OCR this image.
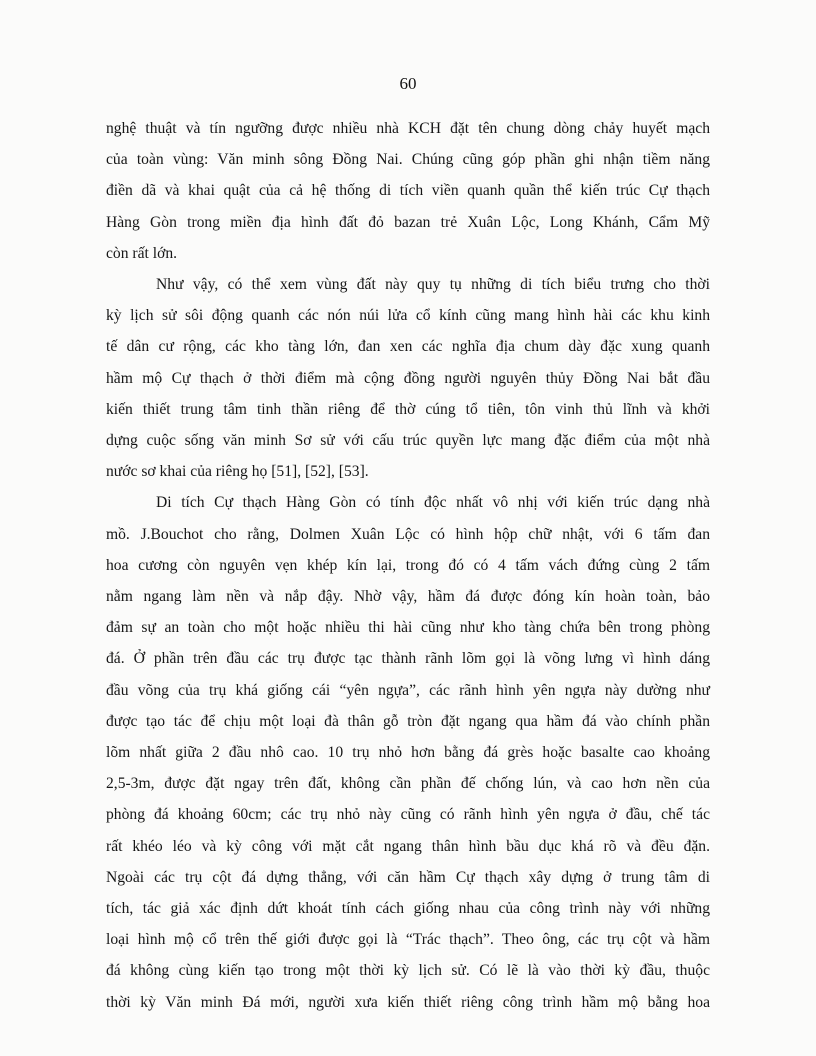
60
nghệ thuật và tín ngưỡng được nhiều nhà KCH đặt tên chung dòng chảy huyết mạch
của toàn vùng: Văn minh sông Đồng Nai. Chúng cũng góp phần ghi nhận tiềm năng
điền dã và khai quật của cả hệ thống di tích viền quanh quần thể kiến trúc Cự thạch
Hàng Gòn trong miền địa hình đất đỏ bazan trẻ Xuân Lộc, Long Khánh, Cẩm Mỹ
còn rất lớn.
Như vậy, có thể xem vùng đất này quy tụ những di tích biểu trưng cho thời
kỳ lịch sử sôi động quanh các nón núi lửa cổ kính cũng mang hình hài các khu kinh
tế dân cư rộng, các kho tàng lớn, đan xen các nghĩa địa chum dày đặc xung quanh
hầm mộ Cự thạch ở thời điểm mà cộng đồng người nguyên thủy Đồng Nai bắt đầu
kiến thiết trung tâm tinh thần riêng để thờ cúng tổ tiên, tôn vinh thủ lĩnh và khởi
dựng cuộc sống văn minh Sơ sử với cấu trúc quyền lực mang đặc điểm của một nhà
nước sơ khai của riêng họ [51], [52], [53].
Di tích Cự thạch Hàng Gòn có tính độc nhất vô nhị với kiến trúc dạng nhà
mồ. J.Bouchot cho rằng, Dolmen Xuân Lộc có hình hộp chữ nhật, với 6 tấm đan
hoa cương còn nguyên vẹn khép kín lại, trong đó có 4 tấm vách đứng cùng 2 tấm
nằm ngang làm nền và nắp đậy. Nhờ vậy, hầm đá được đóng kín hoàn toàn, bảo
đảm sự an toàn cho một hoặc nhiều thi hài cũng như kho tàng chứa bên trong phòng
đá. Ở phần trên đầu các trụ được tạc thành rãnh lõm gọi là võng lưng vì hình dáng
đầu võng của trụ khá giống cái “yên ngựa”, các rãnh hình yên ngựa này dường như
được tạo tác để chịu một loại đà thân gỗ tròn đặt ngang qua hầm đá vào chính phần
lõm nhất giữa 2 đầu nhô cao. 10 trụ nhỏ hơn bằng đá grès hoặc basalte cao khoảng
2,5-3m, được đặt ngay trên đất, không cần phần đế chống lún, và cao hơn nền của
phòng đá khoảng 60cm; các trụ nhỏ này cũng có rãnh hình yên ngựa ở đầu, chế tác
rất khéo léo và kỳ công với mặt cắt ngang thân hình bầu dục khá rõ và đều đặn.
Ngoài các trụ cột đá dựng thẳng, với căn hầm Cự thạch xây dựng ở trung tâm di
tích, tác giả xác định dứt khoát tính cách giống nhau của công trình này với những
loại hình mộ cổ trên thế giới được gọi là “Trác thạch”. Theo ông, các trụ cột và hầm
đá không cùng kiến tạo trong một thời kỳ lịch sử. Có lẽ là vào thời kỳ đầu, thuộc
thời kỳ Văn minh Đá mới, người xưa kiến thiết riêng công trình hầm mộ bằng hoa
